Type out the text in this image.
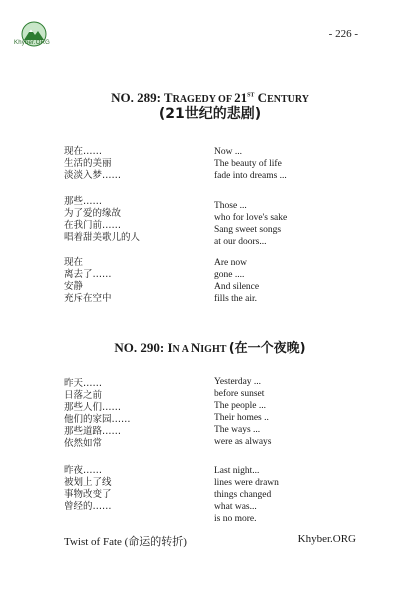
Khyber.ORG
- 226 -
NO. 289: TRAGEDY OF 21ST CENTURY
(21世纪的悲剧)
现在……
生活的美丽
淡淡入梦……
Now ...
The beauty of life
fade into dreams ...
那些……
为了爱的缘故
在我门前……
唱着甜美歌儿的人
Those ...
who for love's sake
Sang sweet songs
at our doors...
现在
离去了……
安静
充斥在空中
Are now
gone ....
And silence
fills the air.
NO. 290: IN A NIGHT (在一个夜晚)
昨天……
日落之前
那些人们……
他们的家园……
那些道路……
依然如常
Yesterday ...
before sunset
The people ...
Their homes ..
The ways ...
were as always
昨夜……
被划上了线
事物改变了
曾经的……
Last night...
lines were drawn
things changed
what was...
is no more.
Twist of Fate (命运的转折)	Khyber.ORG
